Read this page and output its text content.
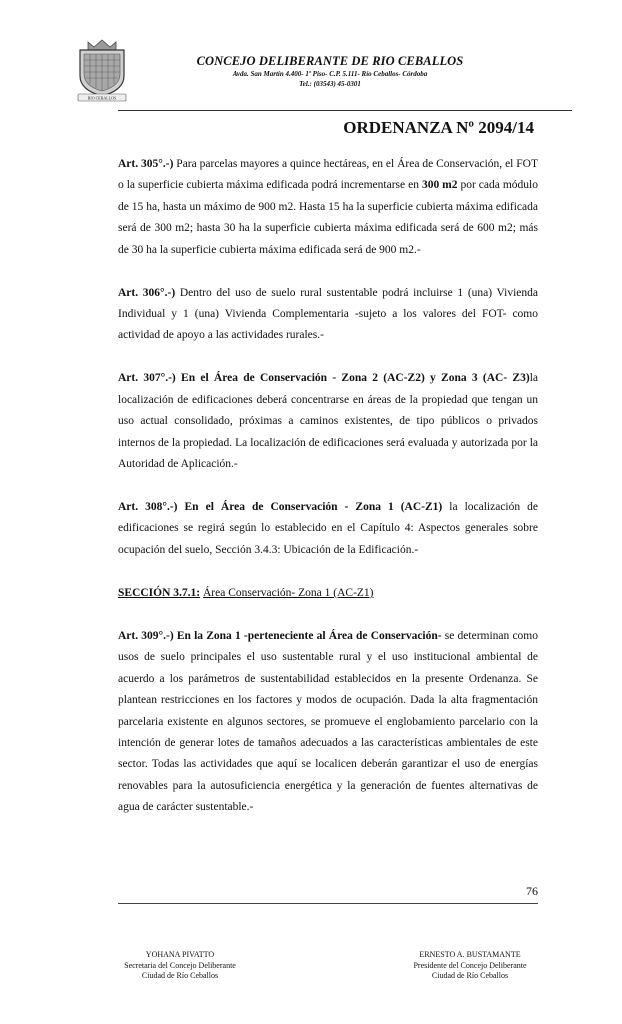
RIO CEBALLOS
CONCEJO DELIBERANTE DE RIO CEBALLOS
Avda. San Martín 4.400- 1º Piso- C.P. 5.111- Río Ceballos- Córdoba
Tel.: (03543) 45-0301
ORDENANZA Nº 2094/14

Art. 305°.-) Para parcelas mayores a quince hectáreas, en el Área de Conservación, el FOT o la superficie cubierta máxima edificada podrá incrementarse en 300 m2 por cada módulo de 15 ha, hasta un máximo de 900 m2. Hasta 15 ha la superficie cubierta máxima edificada será de 300 m2; hasta 30 ha la superficie cubierta máxima edificada será de 600 m2; más de 30 ha la superficie cubierta máxima edificada será de 900 m2.-

Art. 306°.-) Dentro del uso de suelo rural sustentable podrá incluirse 1 (una) Vivienda Individual y 1 (una) Vivienda Complementaria -sujeto a los valores del FOT- como actividad de apoyo a las actividades rurales.-

Art. 307°.-) En el Área de Conservación - Zona 2 (AC-Z2) y Zona 3 (AC- Z3)la localización de edificaciones deberá concentrarse en áreas de la propiedad que tengan un uso actual consolidado, próximas a caminos existentes, de tipo públicos o privados internos de la propiedad. La localización de edificaciones será evaluada y autorizada por la Autoridad de Aplicación.-

Art. 308°.-) En el Área de Conservación - Zona 1 (AC-Z1) la localización de edificaciones se regirá según lo establecido en el Capítulo 4: Aspectos generales sobre ocupación del suelo, Sección 3.4.3: Ubicación de la Edificación.-

SECCIÓN 3.7.1: Área Conservación- Zona 1 (AC-Z1)

Art. 309°.-) En la Zona 1 -perteneciente al Área de Conservación- se determinan como usos de suelo principales el uso sustentable rural y el uso institucional ambiental de acuerdo a los parámetros de sustentabilidad establecidos en la presente Ordenanza. Se plantean restricciones en los factores y modos de ocupación. Dada la alta fragmentación parcelaria existente en algunos sectores, se promueve el englobamiento parcelario con la intención de generar lotes de tamaños adecuados a las características ambientales de este sector. Todas las actividades que aquí se localicen deberán garantizar el uso de energías renovables para la autosuficiencia energética y la generación de fuentes alternativas de agua de carácter sustentable.-

76
YOHANA PIVATTO
Secretaria del Concejo Deliberante
Ciudad de Río Ceballos
ERNESTO A. BUSTAMANTE
Presidente del Concejo Deliberante
Ciudad de Río Ceballos
